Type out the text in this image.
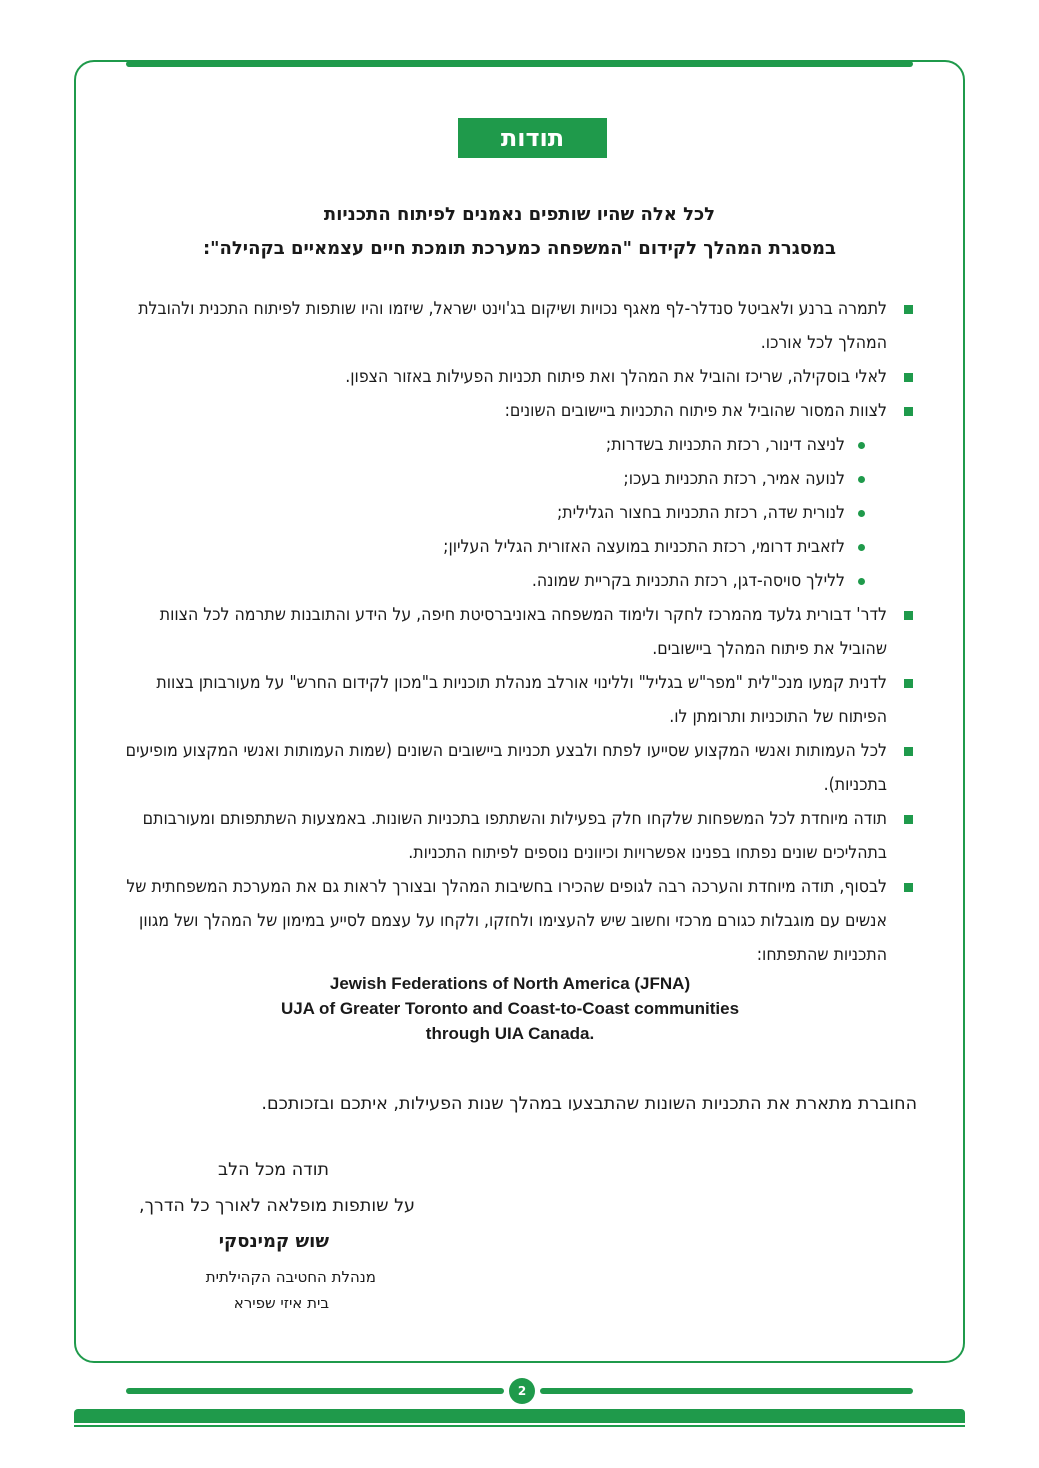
תודות
לכל אלה שהיו שותפים נאמנים לפיתוח התכניות
במסגרת המהלך לקידום "המשפחה כמערכת תומכת חיים עצמאיים בקהילה":
לתמרה ברנע ולאביטל סנדלר-לף מאגף נכויות ושיקום בג'וינט ישראל, שיזמו והיו שותפות לפיתוח התכנית ולהובלת המהלך לכל אורכו.
לאלי בוסקילה, שריכז והוביל את המהלך ואת פיתוח תכניות הפעילות באזור הצפון.
לצוות המסור שהוביל את פיתוח התכניות ביישובים השונים:
לניצה דינור, רכזת התכניות בשדרות;
לנועה אמיר, רכזת התכניות בעכו;
לנורית שדה, רכזת התכניות בחצור הגלילית;
לזאבית דרומי, רכזת התכניות במועצה האזורית הגליל העליון;
ללילך סויסה-דגן, רכזת התכניות בקריית שמונה.
לדר' דבורית גלעד מהמרכז לחקר ולימוד המשפחה באוניברסיטת חיפה, על הידע והתובנות שתרמה לכל הצוות שהוביל את פיתוח המהלך ביישובים.
לדנית קמעו מנכ"לית "מפר"ש בגליל" וללינוי אורלב מנהלת תוכניות ב"מכון לקידום החרש" על מעורבותן בצוות הפיתוח של התוכניות ותרומתן לו.
לכל העמותות ואנשי המקצוע שסייעו לפתח ולבצע תכניות ביישובים השונים (שמות העמותות ואנשי המקצוע מופיעים בתכניות).
תודה מיוחדת לכל המשפחות שלקחו חלק בפעילות והשתתפו בתכניות השונות. באמצעות השתתפותם ומעורבותם בתהליכים שונים נפתחו בפנינו אפשרויות וכיוונים נוספים לפיתוח התכניות.
לבסוף, תודה מיוחדת והערכה רבה לגופים שהכירו בחשיבות המהלך ובצורך לראות גם את המערכת המשפחתית של אנשים עם מוגבלות כגורם מרכזי וחשוב שיש להעצימו ולחזקו, ולקחו על עצמם לסייע במימון של המהלך ושל מגוון התכניות שהתפתחו:
Jewish Federations of North America (JFNA)
UJA of Greater Toronto and Coast-to-Coast communities
through UIA Canada.
החוברת מתארת את התכניות השונות שהתבצעו במהלך שנות הפעילות, איתכם ובזכותכם.
תודה מכל הלב
על שותפות מופלאה לאורך כל הדרך,
שוש קמינסקי
מנהלת החטיבה הקהילתית
בית איזי שפירא
2
